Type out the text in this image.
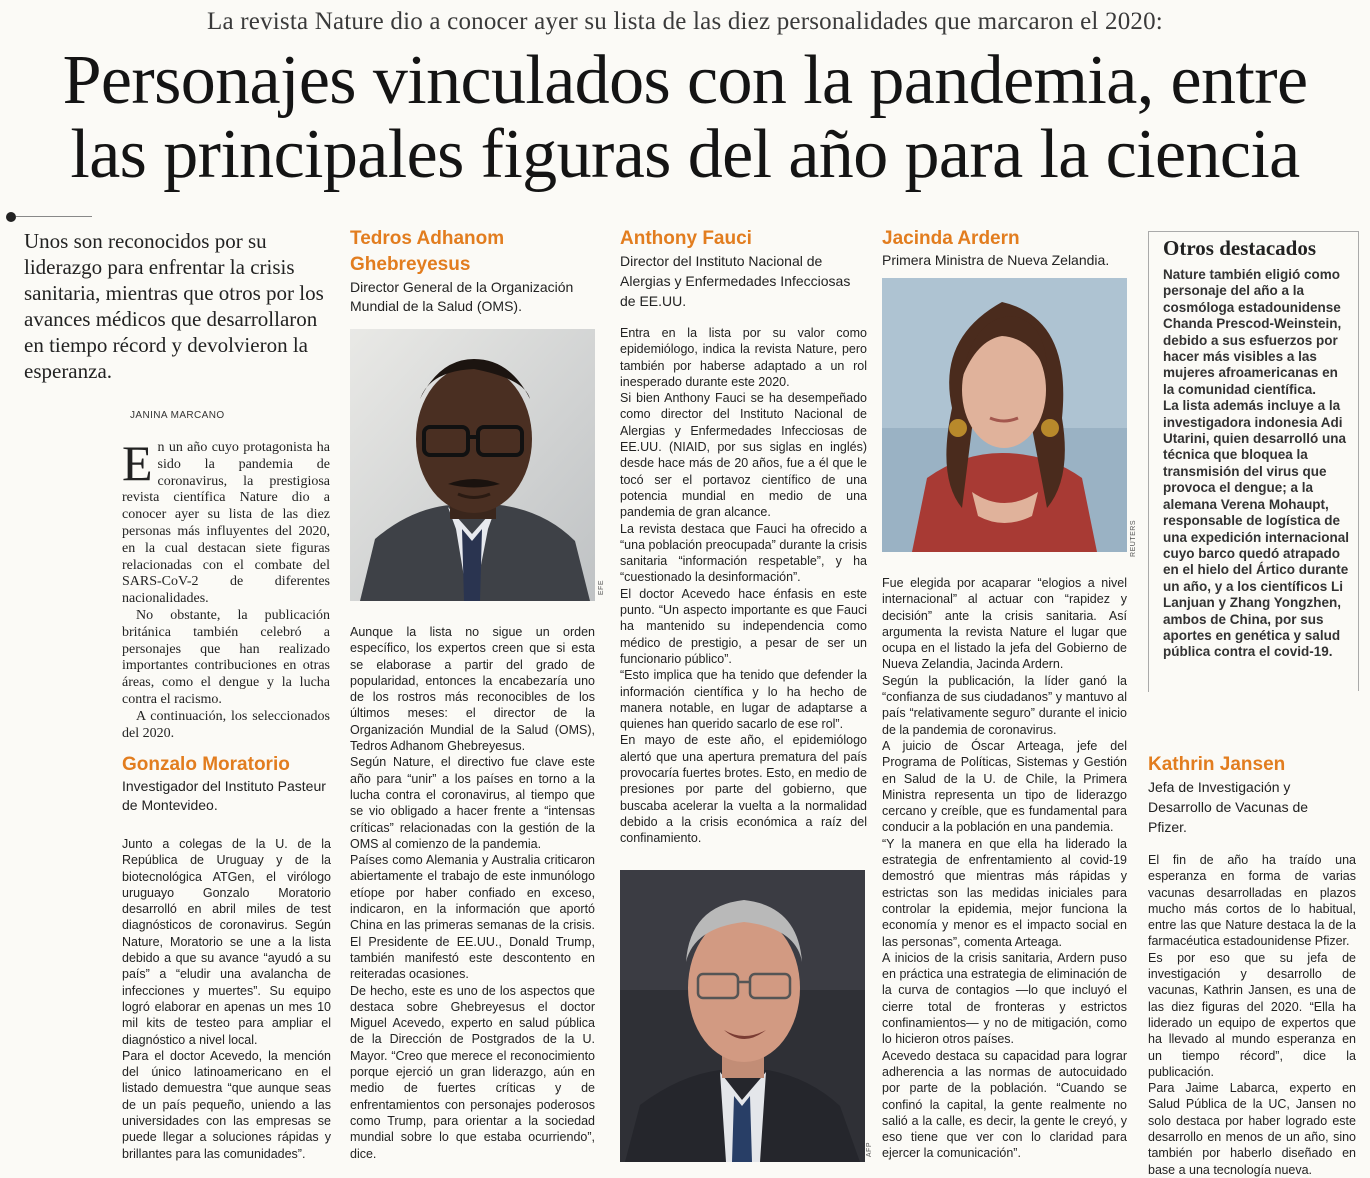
La revista Nature dio a conocer ayer su lista de las diez personalidades que marcaron el 2020:
Personajes vinculados con la pandemia, entre
las principales figuras del año para la ciencia
Unos son reconocidos por su liderazgo para enfrentar la crisis sanitaria, mientras que otros por los avances médicos que desarrollaron en tiempo récord y devolvieron la esperanza.
JANINA MARCANO

En un año cuyo protagonista ha sido la pandemia de coronavirus, la prestigiosa revista científica Nature dio a conocer ayer su lista de las diez personas más influyentes del 2020, en la cual destacan siete figuras relacionadas con el combate del SARS-CoV-2 de diferentes nacionalidades.

No obstante, la publicación británica también celebró a personajes que han realizado importantes contribuciones en otras áreas, como el dengue y la lucha contra el racismo.

A continuación, los seleccionados del 2020.

Gonzalo Moratorio
Investigador del Instituto Pasteur de Montevideo.

Junto a colegas de la U. de la República de Uruguay y de la biotecnológica ATGen, el virólogo uruguayo Gonzalo Moratorio desarrolló en abril miles de test diagnósticos de coronavirus. Según Nature, Moratorio se une a la lista debido a que su avance “ayudó a su país” a “eludir una avalancha de infecciones y muertes”. Su equipo logró elaborar en apenas un mes 10 mil kits de testeo para ampliar el diagnóstico a nivel local.

Para el doctor Acevedo, la mención del único latinoamericano en el listado demuestra “que aunque seas de un país pequeño, uniendo a las universidades con las empresas se puede llegar a soluciones rápidas y brillantes para las comunidades”.

Tedros Adhanom
Ghebreyesus
Director General de la Organización Mundial de la Salud (OMS).
EFE

Aunque la lista no sigue un orden específico, los expertos creen que si esta se elaborase a partir del grado de popularidad, entonces la encabezaría uno de los rostros más reconocibles de los últimos meses: el director de la Organización Mundial de la Salud (OMS), Tedros Adhanom Ghebreyesus.

Según Nature, el directivo fue clave este año para “unir” a los países en torno a la lucha contra el coronavirus, al tiempo que se vio obligado a hacer frente a “intensas críticas” relacionadas con la gestión de la OMS al comienzo de la pandemia.

Países como Alemania y Australia criticaron abiertamente el trabajo de este inmunólogo etíope por haber confiado en exceso, indicaron, en la información que aportó China en las primeras semanas de la crisis. El Presidente de EE.UU., Donald Trump, también manifestó este descontento en reiteradas ocasiones.

De hecho, este es uno de los aspectos que destaca sobre Ghebreyesus el doctor Miguel Acevedo, experto en salud pública de la Dirección de Postgrados de la U. Mayor. “Creo que merece el reconocimiento porque ejerció un gran liderazgo, aún en medio de fuertes críticas y de enfrentamientos con personajes poderosos como Trump, para orientar a la sociedad mundial sobre lo que estaba ocurriendo”, dice.

Anthony Fauci
Director del Instituto Nacional de Alergias y Enfermedades Infecciosas de EE.UU.

Entra en la lista por su valor como epidemiólogo, indica la revista Nature, pero también por haberse adaptado a un rol inesperado durante este 2020.

Si bien Anthony Fauci se ha desempeñado como director del Instituto Nacional de Alergias y Enfermedades Infecciosas de EE.UU. (NIAID, por sus siglas en inglés) desde hace más de 20 años, fue a él que le tocó ser el portavoz científico de una potencia mundial en medio de una pandemia de gran alcance.

La revista destaca que Fauci ha ofrecido a “una población preocupada” durante la crisis sanitaria “información respetable”, y ha “cuestionado la desinformación”.

El doctor Acevedo hace énfasis en este punto. “Un aspecto importante es que Fauci ha mantenido su independencia como médico de prestigio, a pesar de ser un funcionario público”.

“Esto implica que ha tenido que defender la información científica y lo ha hecho de manera notable, en lugar de adaptarse a quienes han querido sacarlo de ese rol”.

En mayo de este año, el epidemiólogo alertó que una apertura prematura del país provocaría fuertes brotes. Esto, en medio de presiones por parte del gobierno, que buscaba acelerar la vuelta a la normalidad debido a la crisis económica a raíz del confinamiento.

AFP
Jacinda Ardern
Primera Ministra de Nueva Zelandia.
REUTERS

Fue elegida por acaparar “elogios a nivel internacional” al actuar con “rapidez y decisión” ante la crisis sanitaria. Así argumenta la revista Nature el lugar que ocupa en el listado la jefa del Gobierno de Nueva Zelandia, Jacinda Ardern.

Según la publicación, la líder ganó la “confianza de sus ciudadanos” y mantuvo al país “relativamente seguro” durante el inicio de la pandemia de coronavirus.

A juicio de Óscar Arteaga, jefe del Programa de Políticas, Sistemas y Gestión en Salud de la U. de Chile, la Primera Ministra representa un tipo de liderazgo cercano y creíble, que es fundamental para conducir a la población en una pandemia.

“Y la manera en que ella ha liderado la estrategia de enfrentamiento al covid-19 demostró que mientras más rápidas y estrictas son las medidas iniciales para controlar la epidemia, mejor funciona la economía y menor es el impacto social en las personas”, comenta Arteaga.

A inicios de la crisis sanitaria, Ardern puso en práctica una estrategia de eliminación de la curva de contagios —lo que incluyó el cierre total de fronteras y estrictos confinamientos— y no de mitigación, como lo hicieron otros países.

Acevedo destaca su capacidad para lograr adherencia a las normas de autocuidado por parte de la población. “Cuando se confinó la capital, la gente realmente no salió a la calle, es decir, la gente le creyó, y eso tiene que ver con lo claridad para ejercer la comunicación”.

Otros destacados

Nature también eligió como personaje del año a la cosmóloga estadounidense Chanda Prescod-Weinstein, debido a sus esfuerzos por hacer más visibles a las mujeres afroamericanas en la comunidad científica.

La lista además incluye a la investigadora indonesia Adi Utarini, quien desarrolló una técnica que bloquea la transmisión del virus que provoca el dengue; a la alemana Verena Mohaupt, responsable de logística de una expedición internacional cuyo barco quedó atrapado en el hielo del Ártico durante un año, y a los científicos Li Lanjuan y Zhang Yongzhen, ambos de China, por sus aportes en genética y salud pública contra el covid-19.

Kathrin Jansen
Jefa de Investigación y Desarrollo de Vacunas de Pfizer.

El fin de año ha traído una esperanza en forma de varias vacunas desarrolladas en plazos mucho más cortos de lo habitual, entre las que Nature destaca la de la farmacéutica estadounidense Pfizer.

Es por eso que su jefa de investigación y desarrollo de vacunas, Kathrin Jansen, es una de las diez figuras del 2020. “Ella ha liderado un equipo de expertos que ha llevado al mundo esperanza en un tiempo récord”, dice la publicación.

Para Jaime Labarca, experto en Salud Pública de la UC, Jansen no solo destaca por haber logrado este desarrollo en menos de un año, sino también por haberlo diseñado en base a una tecnología nueva.
